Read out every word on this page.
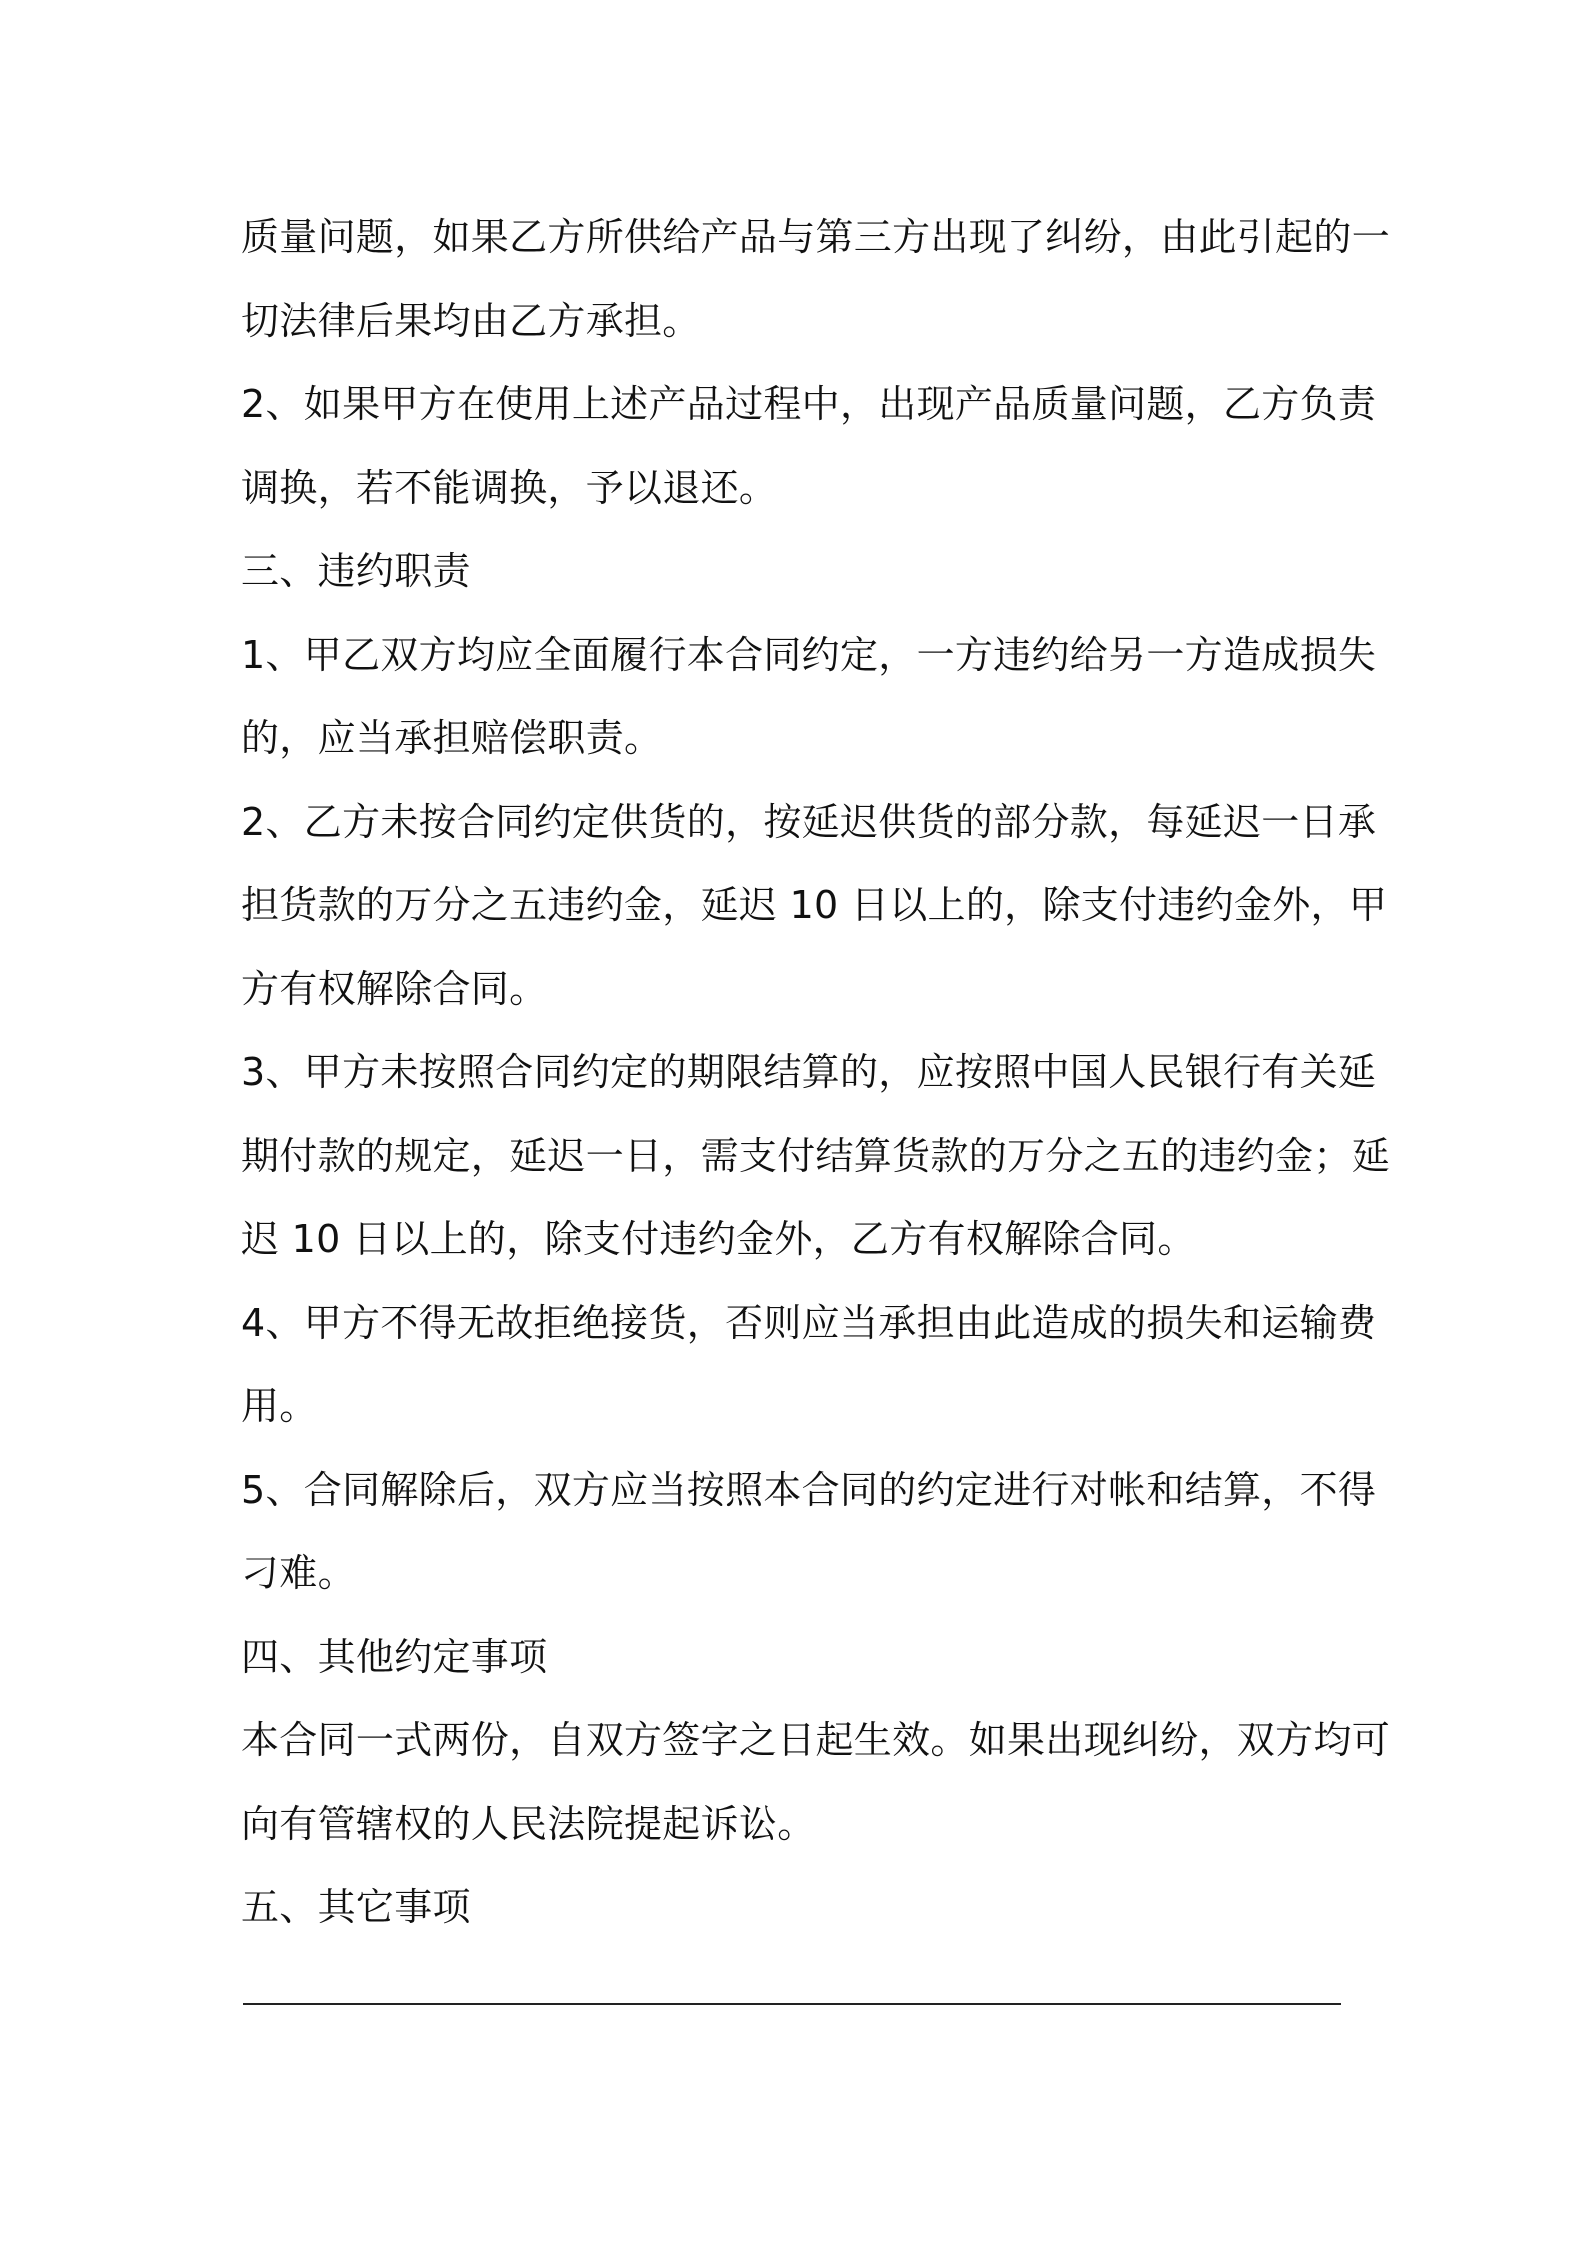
质量问题，如果乙方所供给产品与第三方出现了纠纷，由此引起的一
切法律后果均由乙方承担。
2、如果甲方在使用上述产品过程中，出现产品质量问题，乙方负责
调换，若不能调换，予以退还。
三、违约职责
1、甲乙双方均应全面履行本合同约定，一方违约给另一方造成损失
的，应当承担赔偿职责。
2、乙方未按合同约定供货的，按延迟供货的部分款，每延迟一日承
担货款的万分之五违约金，延迟 10 日以上的，除支付违约金外，甲
方有权解除合同。
3、甲方未按照合同约定的期限结算的，应按照中国人民银行有关延
期付款的规定，延迟一日，需支付结算货款的万分之五的违约金；延
迟 10 日以上的，除支付违约金外，乙方有权解除合同。
4、甲方不得无故拒绝接货，否则应当承担由此造成的损失和运输费
用。
5、合同解除后，双方应当按照本合同的约定进行对帐和结算，不得
刁难。
四、其他约定事项
本合同一式两份，自双方签字之日起生效。如果出现纠纷，双方均可
向有管辖权的人民法院提起诉讼。
五、其它事项
